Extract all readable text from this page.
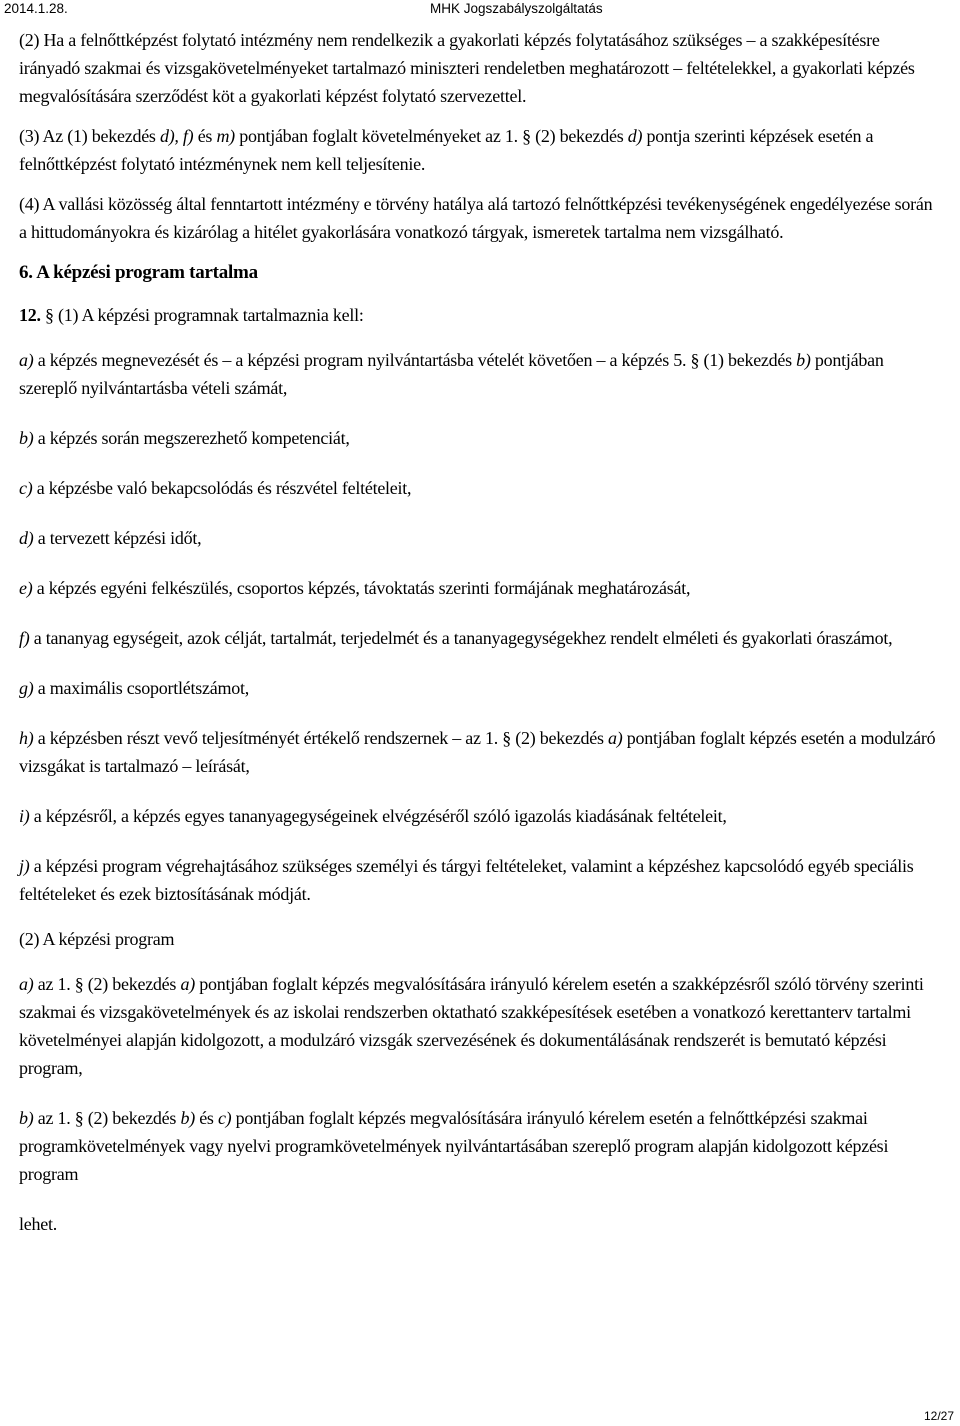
2014.1.28.	MHK Jogszabályszolgáltatás

(2) Ha a felnőttképzést folytató intézmény nem rendelkezik a gyakorlati képzés folytatásához szükséges – a szakképesítésre irányadó szakmai és vizsgakövetelményeket tartalmazó miniszteri rendeletben meghatározott – feltételekkel, a gyakorlati képzés megvalósítására szerződést köt a gyakorlati képzést folytató szervezettel.

(3) Az (1) bekezdés d), f) és m) pontjában foglalt követelményeket az 1. § (2) bekezdés d) pontja szerinti képzések esetén a felnőttképzést folytató intézménynek nem kell teljesítenie.

(4) A vallási közösség által fenntartott intézmény e törvény hatálya alá tartozó felnőttképzési tevékenységének engedélyezése során a hittudományokra és kizárólag a hitélet gyakorlására vonatkozó tárgyak, ismeretek tartalma nem vizsgálható.

6. A képzési program tartalma

12. § (1) A képzési programnak tartalmaznia kell:

a) a képzés megnevezését és – a képzési program nyilvántartásba vételét követően – a képzés 5. § (1) bekezdés b) pontjában szereplő nyilvántartásba vételi számát,

b) a képzés során megszerezhető kompetenciát,

c) a képzésbe való bekapcsolódás és részvétel feltételeit,

d) a tervezett képzési időt,

e) a képzés egyéni felkészülés, csoportos képzés, távoktatás szerinti formájának meghatározását,

f) a tananyag egységeit, azok célját, tartalmát, terjedelmét és a tananyagegységekhez rendelt elméleti és gyakorlati óraszámot,

g) a maximális csoportlétszámot,

h) a képzésben részt vevő teljesítményét értékelő rendszernek – az 1. § (2) bekezdés a) pontjában foglalt képzés esetén a modulzáró vizsgákat is tartalmazó – leírását,

i) a képzésről, a képzés egyes tananyagegységeinek elvégzéséről szóló igazolás kiadásának feltételeit,

j) a képzési program végrehajtásához szükséges személyi és tárgyi feltételeket, valamint a képzéshez kapcsolódó egyéb speciális feltételeket és ezek biztosításának módját.

(2) A képzési program

a) az 1. § (2) bekezdés a) pontjában foglalt képzés megvalósítására irányuló kérelem esetén a szakképzésről szóló törvény szerinti szakmai és vizsgakövetelmények és az iskolai rendszerben oktatható szakképesítések esetében a vonatkozó kerettanterv tartalmi követelményei alapján kidolgozott, a modulzáró vizsgák szervezésének és dokumentálásának rendszerét is bemutató képzési program,

b) az 1. § (2) bekezdés b) és c) pontjában foglalt képzés megvalósítására irányuló kérelem esetén a felnőttképzési szakmai programkövetelmények vagy nyelvi programkövetelmények nyilvántartásában szereplő program alapján kidolgozott képzési program

lehet.

12/27
